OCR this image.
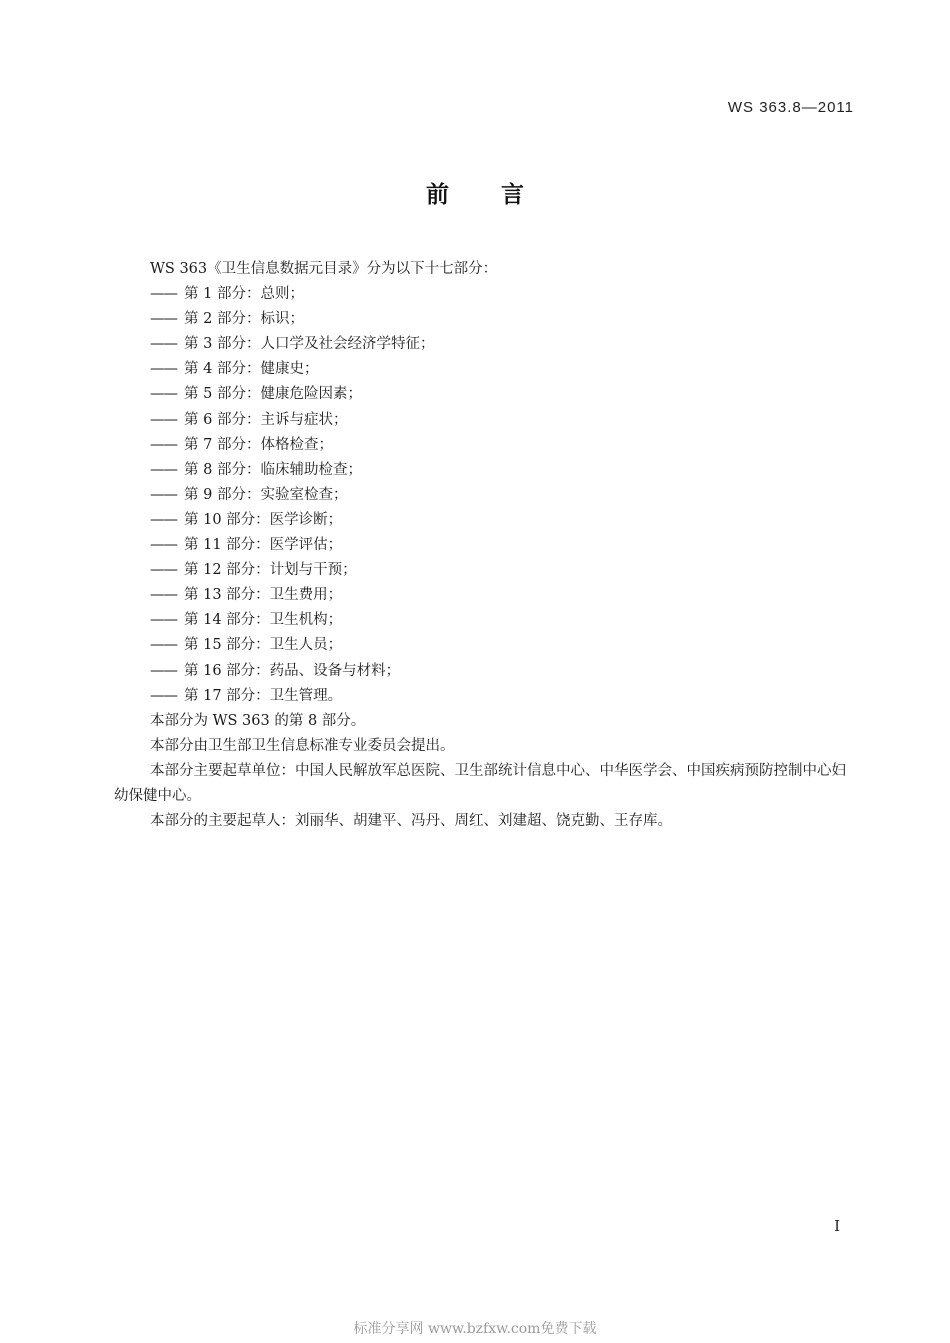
WS 363.8—2011
前言
WS 363《卫生信息数据元目录》分为以下十七部分：
—— 第 1 部分：总则；
—— 第 2 部分：标识；
—— 第 3 部分：人口学及社会经济学特征；
—— 第 4 部分：健康史；
—— 第 5 部分：健康危险因素；
—— 第 6 部分：主诉与症状；
—— 第 7 部分：体格检查；
—— 第 8 部分：临床辅助检查；
—— 第 9 部分：实验室检查；
—— 第 10 部分：医学诊断；
—— 第 11 部分：医学评估；
—— 第 12 部分：计划与干预；
—— 第 13 部分：卫生费用；
—— 第 14 部分：卫生机构；
—— 第 15 部分：卫生人员；
—— 第 16 部分：药品、设备与材料；
—— 第 17 部分：卫生管理。
本部分为 WS 363 的第 8 部分。
本部分由卫生部卫生信息标准专业委员会提出。
本部分主要起草单位：中国人民解放军总医院、卫生部统计信息中心、中华医学会、中国疾病预防控制中心妇幼保健中心。
本部分的主要起草人：刘丽华、胡建平、冯丹、周红、刘建超、饶克勤、王存库。
I
标准分享网 www.bzfxw.com免费下载
